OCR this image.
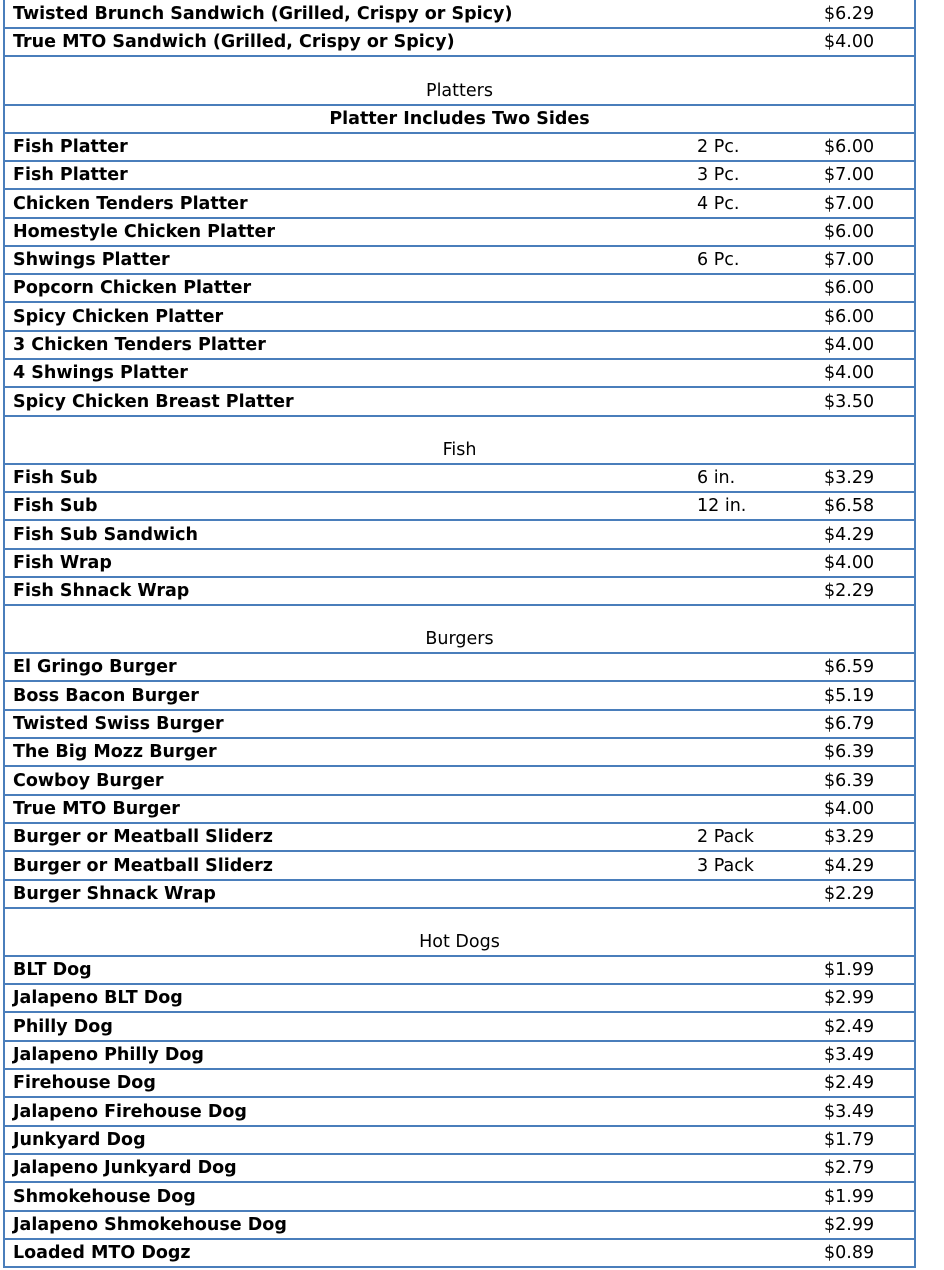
Twisted Brunch Sandwich (Grilled, Crispy or Spicy)	$6.29
True MTO Sandwich (Grilled, Crispy or Spicy)	$4.00
Platters
Platter Includes Two Sides
Fish Platter	2 Pc.	$6.00
Fish Platter	3 Pc.	$7.00
Chicken Tenders Platter	4 Pc.	$7.00
Homestyle Chicken Platter	$6.00
Shwings Platter	6 Pc.	$7.00
Popcorn Chicken Platter	$6.00
Spicy Chicken Platter	$6.00
3 Chicken Tenders Platter	$4.00
4 Shwings Platter	$4.00
Spicy Chicken Breast Platter	$3.50
Fish
Fish Sub	6 in.	$3.29
Fish Sub	12 in.	$6.58
Fish Sub Sandwich	$4.29
Fish Wrap	$4.00
Fish Shnack Wrap	$2.29
Burgers
El Gringo Burger	$6.59
Boss Bacon Burger	$5.19
Twisted Swiss Burger	$6.79
The Big Mozz Burger	$6.39
Cowboy Burger	$6.39
True MTO Burger	$4.00
Burger or Meatball Sliderz	2 Pack	$3.29
Burger or Meatball Sliderz	3 Pack	$4.29
Burger Shnack Wrap	$2.29
Hot Dogs
BLT Dog	$1.99
Jalapeno BLT Dog	$2.99
Philly Dog	$2.49
Jalapeno Philly Dog	$3.49
Firehouse Dog	$2.49
Jalapeno Firehouse Dog	$3.49
Junkyard Dog	$1.79
Jalapeno Junkyard Dog	$2.79
Shmokehouse Dog	$1.99
Jalapeno Shmokehouse Dog	$2.99
Loaded MTO Dogz	$0.89
